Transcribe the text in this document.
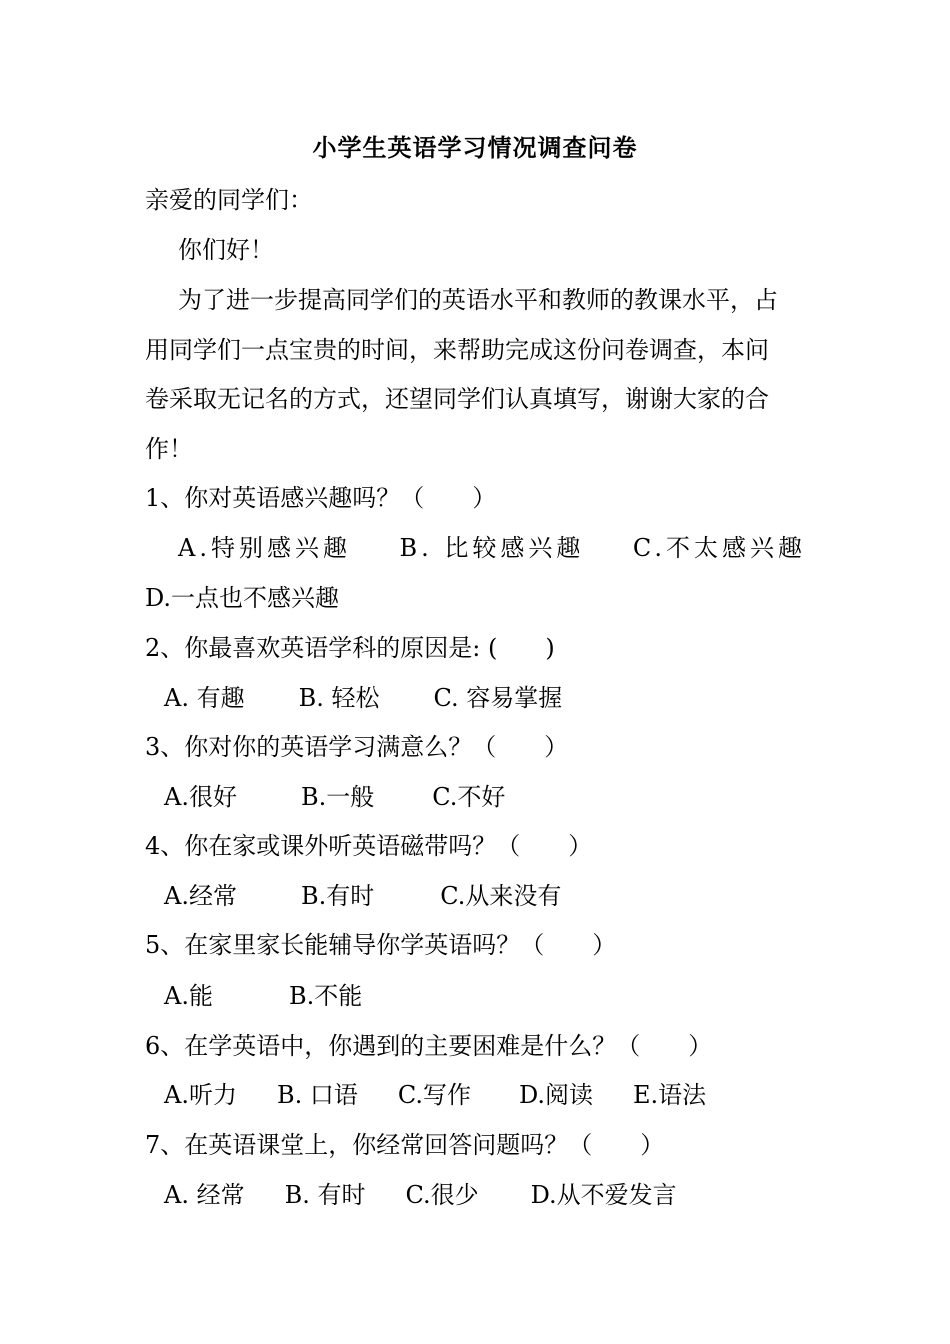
小学生英语学习情况调查问卷
亲爱的同学们：
你们好！
为了进一步提高同学们的英语水平和教师的教课水平，占
用同学们一点宝贵的时间，来帮助完成这份问卷调查，本问
卷采取无记名的方式，还望同学们认真填写，谢谢大家的合
作！
1、你对英语感兴趣吗？（　　）
A.特别感兴趣 B. 比较感兴趣 C.不太感兴趣
D.一点也不感兴趣
2、你最喜欢英语学科的原因是: (　　)
A. 有趣 B. 轻松 C. 容易掌握
3、你对你的英语学习满意么？（　　）
A.很好	B.一般 C.不好
4、你在家或课外听英语磁带吗？（　　）
A.经常	B.有时	C.从来没有
5、在家里家长能辅导你学英语吗？（　　）
A.能	B.不能
6、在学英语中，你遇到的主要困难是什么？（　　）
A.听力 B. 口语 C.写作 D.阅读 E.语法
7、在英语课堂上，你经常回答问题吗？（　　）
A. 经常 B. 有时 C.很少 D.从不爱发言
